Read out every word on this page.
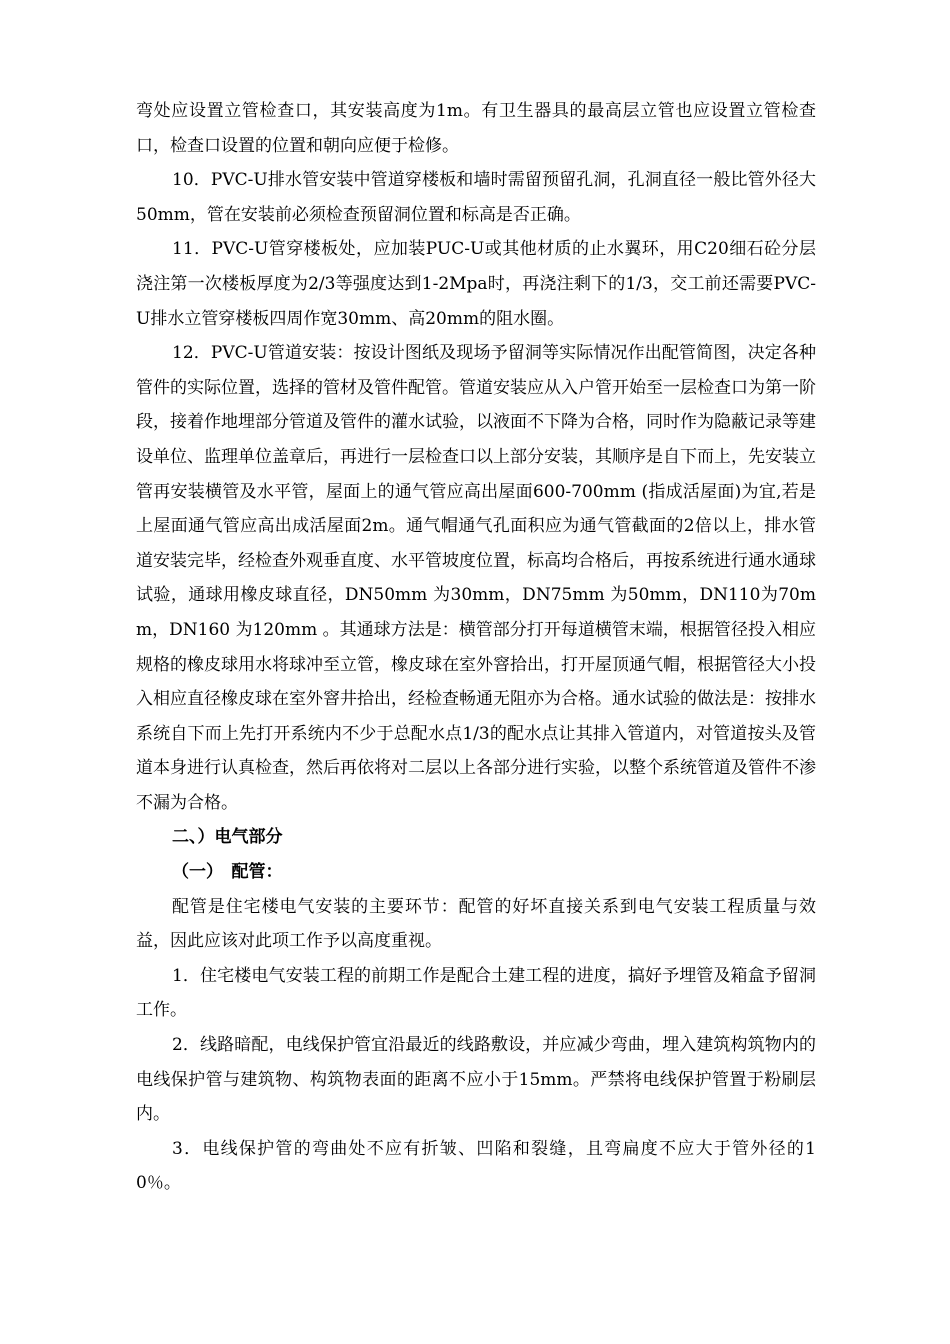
弯处应设置立管检查口，其安装高度为1m。有卫生器具的最高层立管也应设置立管检查口，检查口设置的位置和朝向应便于检修。

10．PVC-U排水管安装中管道穿楼板和墙时需留预留孔洞，孔洞直径一般比管外径大50mm，管在安装前必须检查预留洞位置和标高是否正确。

11．PVC-U管穿楼板处，应加装PUC-U或其他材质的止水翼环，用C20细石砼分层浇注第一次楼板厚度为2/3等强度达到1-2Mpa时，再浇注剩下的1/3，交工前还需要PVC-U排水立管穿楼板四周作宽30mm、高20mm的阻水圈。

12．PVC-U管道安装：按设计图纸及现场予留洞等实际情况作出配管简图，决定各种管件的实际位置，选择的管材及管件配管。管道安装应从入户管开始至一层检查口为第一阶段，接着作地埋部分管道及管件的灌水试验，以液面不下降为合格，同时作为隐蔽记录等建设单位、监理单位盖章后，再进行一层检查口以上部分安装，其顺序是自下而上，先安装立管再安装横管及水平管，屋面上的通气管应高出屋面600-700mm (指成活屋面)为宜,若是上屋面通气管应高出成活屋面2m。通气帽通气孔面积应为通气管截面的2倍以上，排水管道安装完毕，经检查外观垂直度、水平管坡度位置，标高均合格后，再按系统进行通水通球试验，通球用橡皮球直径，DN50mm 为30mm，DN75mm 为50mm，DN110为70mm，DN160 为120mm 。其通球方法是：横管部分打开每道横管末端，根据管径投入相应规格的橡皮球用水将球冲至立管，橡皮球在室外窨拾出，打开屋顶通气帽，根据管径大小投入相应直径橡皮球在室外窨井拾出，经检查畅通无阻亦为合格。通水试验的做法是：按排水系统自下而上先打开系统内不少于总配水点1/3的配水点让其排入管道内，对管道按头及管道本身进行认真检查，然后再依将对二层以上各部分进行实验，以整个系统管道及管件不渗不漏为合格。

二、）电气部分

（一）　配管：

配管是住宅楼电气安装的主要环节：配管的好坏直接关系到电气安装工程质量与效益，因此应该对此项工作予以高度重视。

1．住宅楼电气安装工程的前期工作是配合土建工程的进度，搞好予埋管及箱盒予留洞工作。

2．线路暗配，电线保护管宜沿最近的线路敷设，并应减少弯曲，埋入建筑构筑物内的电线保护管与建筑物、构筑物表面的距离不应小于15mm。严禁将电线保护管置于粉刷层内。

3．电线保护管的弯曲处不应有折皱、凹陷和裂缝，且弯扁度不应大于管外径的10％。
